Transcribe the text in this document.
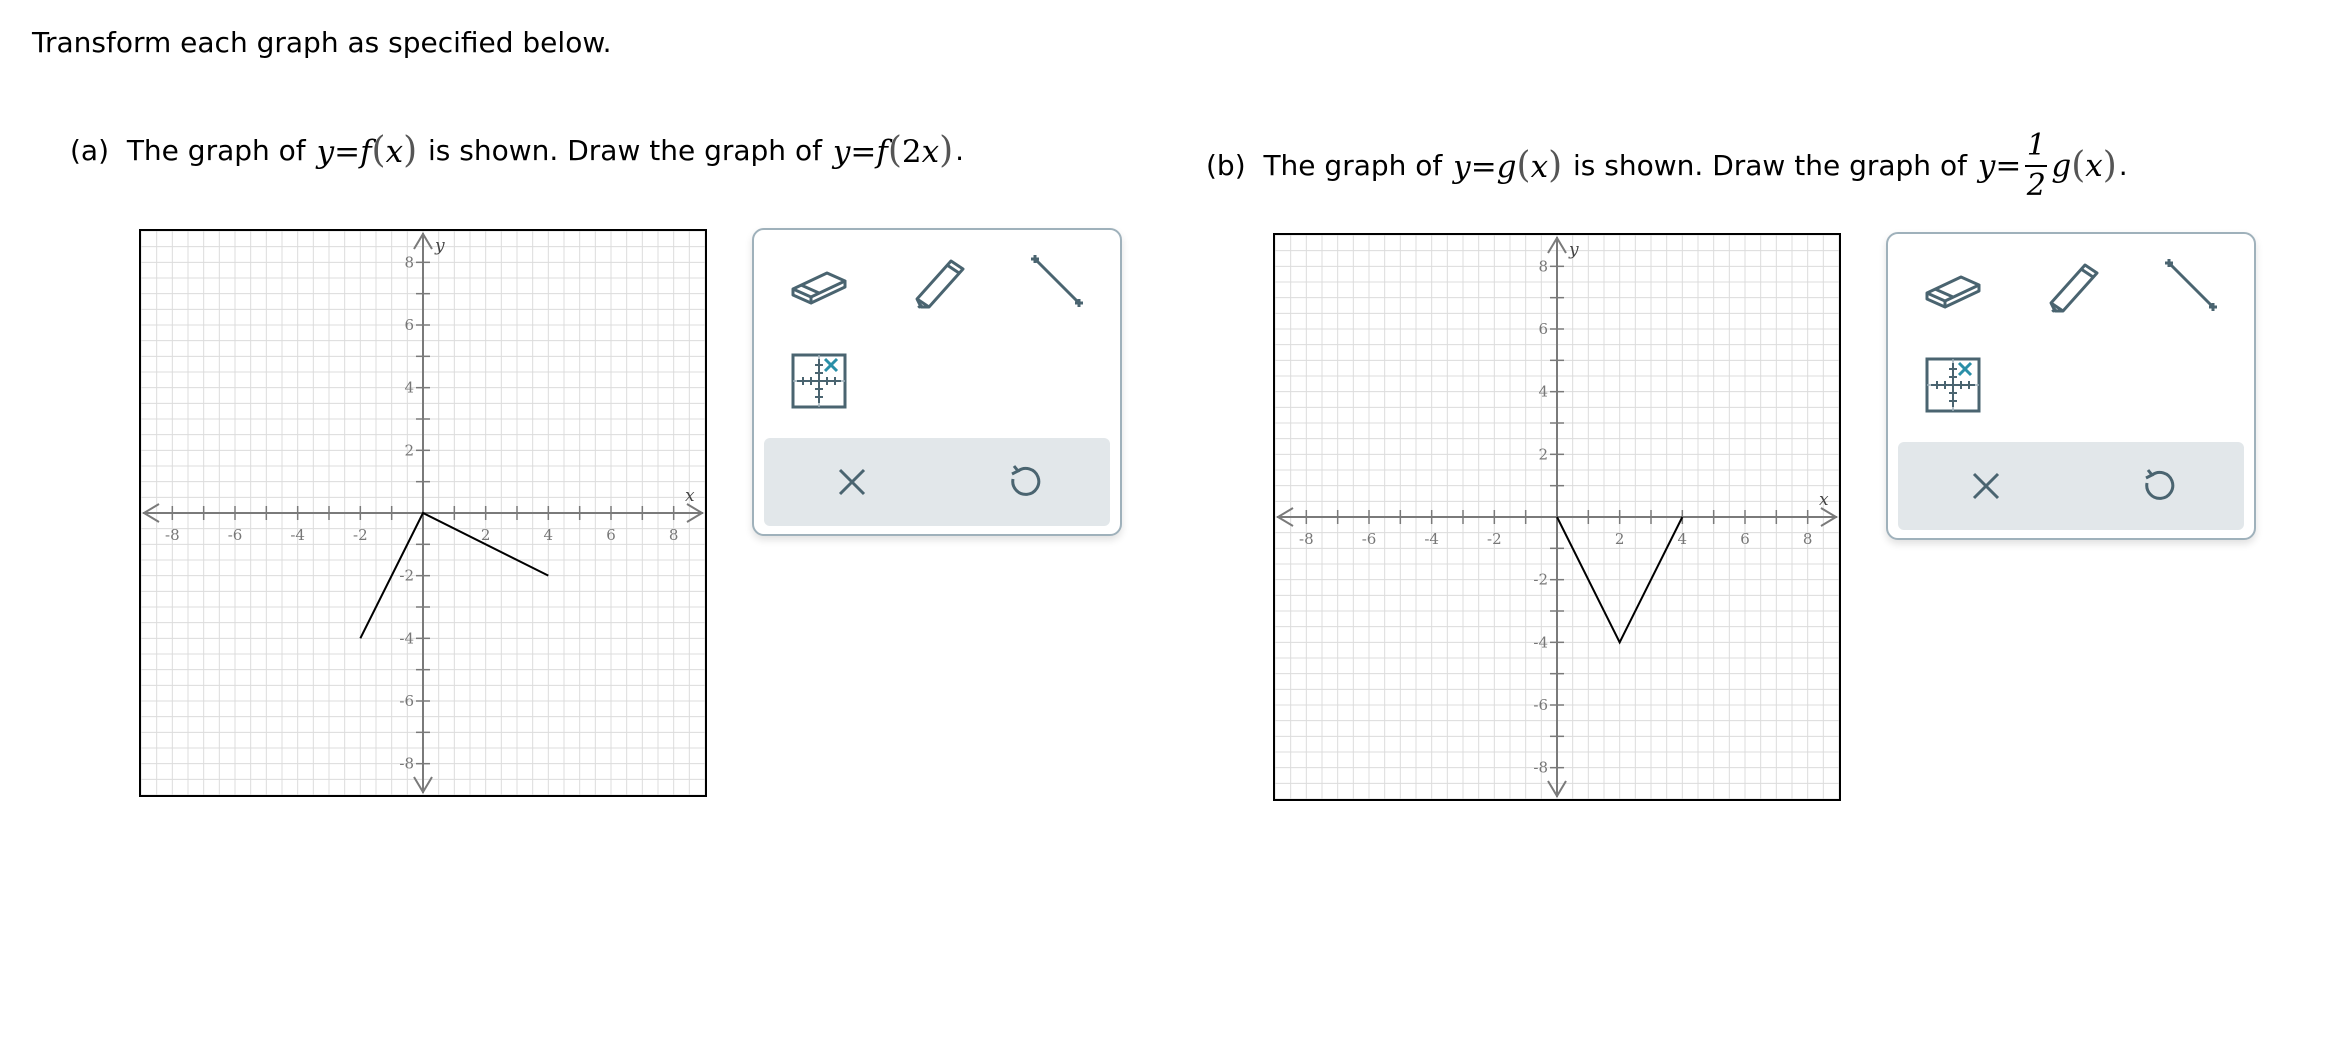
Transform each graph as specified below.
(a)
The graph of
y=f(x)
is shown. Draw the graph of
y=f(2x) .	(b)
The graph of
y=g(x)
is shown. Draw the graph of
$y = \frac{1}{2}$ g ( x ) .
-8	-6	-4	-2	2	4	6	8
8
6
4
2
-2
-4
-6
-8
x
y
-8	-6	-4	-2	2	4	6	8
8
6
4
2
-2
-4
-6
-8
x
y
